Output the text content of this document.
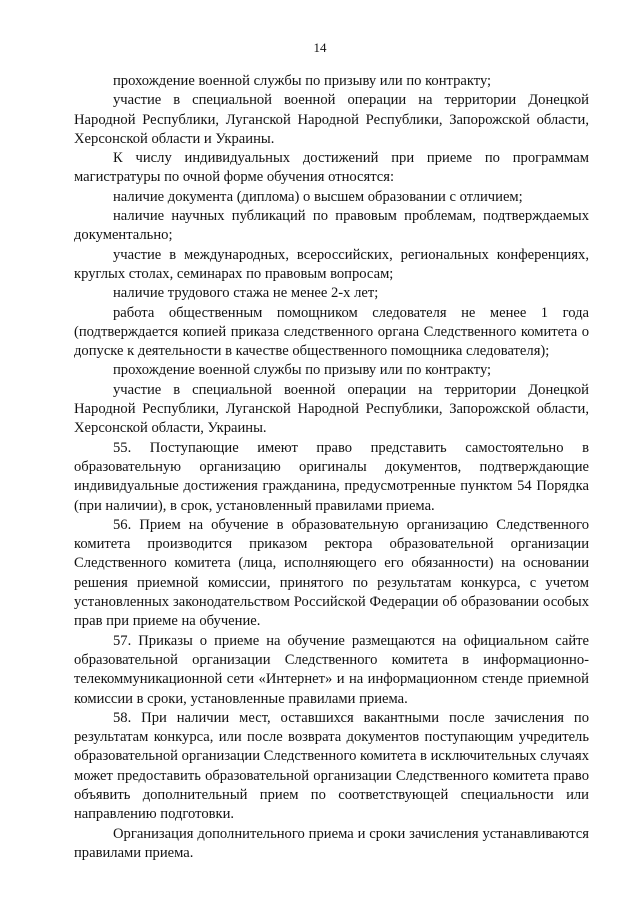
14

прохождение военной службы по призыву или по контракту;

участие в специальной военной операции на территории Донецкой Народной Республики, Луганской Народной Республики, Запорожской области, Херсонской области и Украины.

К числу индивидуальных достижений при приеме по программам магистратуры по очной форме обучения относятся:

наличие документа (диплома) о высшем образовании с отличием;

наличие научных публикаций по правовым проблемам, подтверждаемых документально;

участие в международных, всероссийских, региональных конференциях, круглых столах, семинарах по правовым вопросам;

наличие трудового стажа не менее 2-х лет;

работа общественным помощником следователя не менее 1 года (подтверждается копией приказа следственного органа Следственного комитета о допуске к деятельности в качестве общественного помощника следователя);

прохождение военной службы по призыву или по контракту;

участие в специальной военной операции на территории Донецкой Народной Республики, Луганской Народной Республики, Запорожской области, Херсонской области, Украины.

55. Поступающие имеют право представить самостоятельно в образовательную организацию оригиналы документов, подтверждающие индивидуальные достижения гражданина, предусмотренные пунктом 54 Порядка (при наличии), в срок, установленный правилами приема.

56. Прием на обучение в образовательную организацию Следственного комитета производится приказом ректора образовательной организации Следственного комитета (лица, исполняющего его обязанности) на основании решения приемной комиссии, принятого по результатам конкурса, с учетом установленных законодательством Российской Федерации об образовании особых прав при приеме на обучение.

57. Приказы о приеме на обучение размещаются на официальном сайте образовательной организации Следственного комитета в информационно-телекоммуникационной сети «Интернет» и на информационном стенде приемной комиссии в сроки, установленные правилами приема.

58. При наличии мест, оставшихся вакантными после зачисления по результатам конкурса, или после возврата документов поступающим учредитель образовательной организации Следственного комитета в исключительных случаях может предоставить образовательной организации Следственного комитета право объявить дополнительный прием по соответствующей специальности или направлению подготовки.

Организация дополнительного приема и сроки зачисления устанавливаются правилами приема.
